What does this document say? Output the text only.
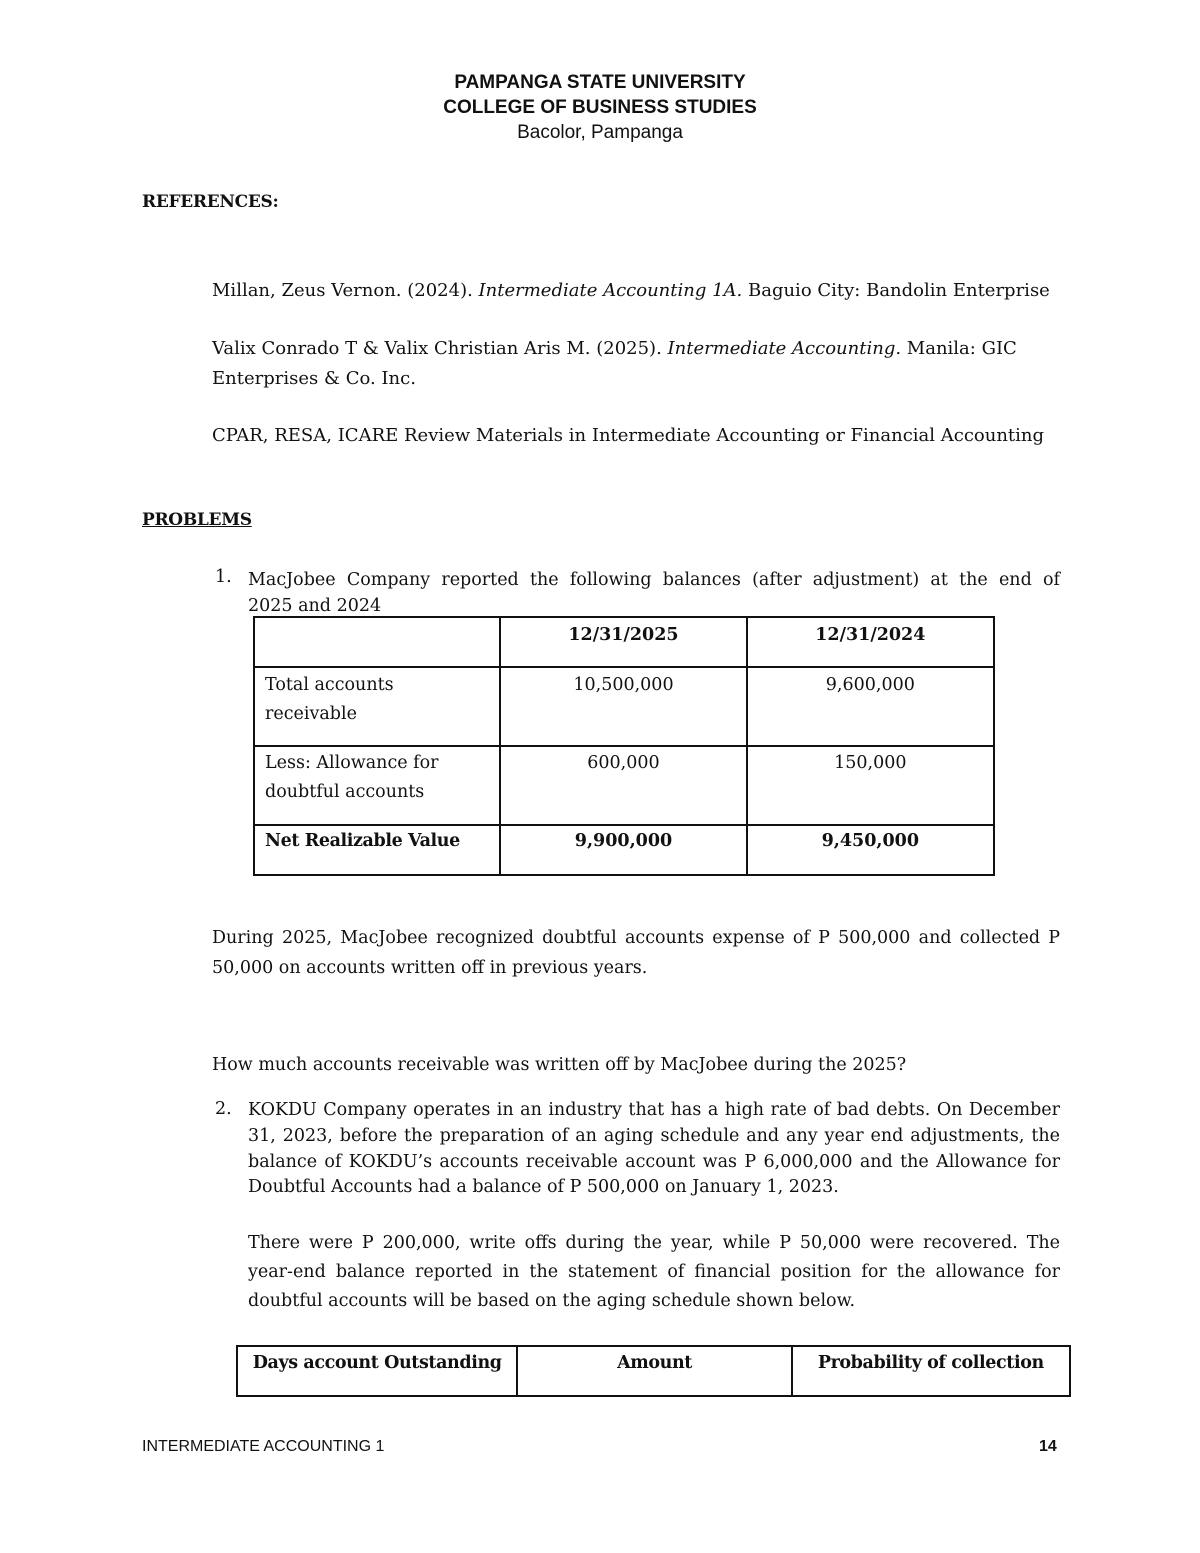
PAMPANGA STATE UNIVERSITY
COLLEGE OF BUSINESS STUDIES
Bacolor, Pampanga
REFERENCES:
Millan, Zeus Vernon. (2024). Intermediate Accounting 1A. Baguio City: Bandolin Enterprise
Valix Conrado T & Valix Christian Aris M. (2025). Intermediate Accounting. Manila: GIC
Enterprises & Co. Inc.
CPAR, RESA, ICARE Review Materials in Intermediate Accounting or Financial Accounting
PROBLEMS
1. MacJobee Company reported the following balances (after adjustment) at the end of
2025 and 2024
	12/31/2025	12/31/2024

Total accounts
receivable	10,500,000	9,600,000

Less: Allowance for
doubtful accounts	600,000	150,000
Net Realizable Value	9,900,000	9,450,000
During 2025, MacJobee recognized doubtful accounts expense of P 500,000 and collected P
50,000 on accounts written off in previous years.
How much accounts receivable was written off by MacJobee during the 2025?
2. KOKDU Company operates in an industry that has a high rate of bad debts. On December
31, 2023, before the preparation of an aging schedule and any year end adjustments, the
balance of KOKDU’s accounts receivable account was P 6,000,000 and the Allowance for
Doubtful Accounts had a balance of P 500,000 on January 1, 2023.
There were P 200,000, write offs during the year, while P 50,000 were recovered. The
year-end balance reported in the statement of financial position for the allowance for
doubtful accounts will be based on the aging schedule shown below.
Days account Outstanding	Amount	Probability of collection
INTERMEDIATE ACCOUNTING 1	14
